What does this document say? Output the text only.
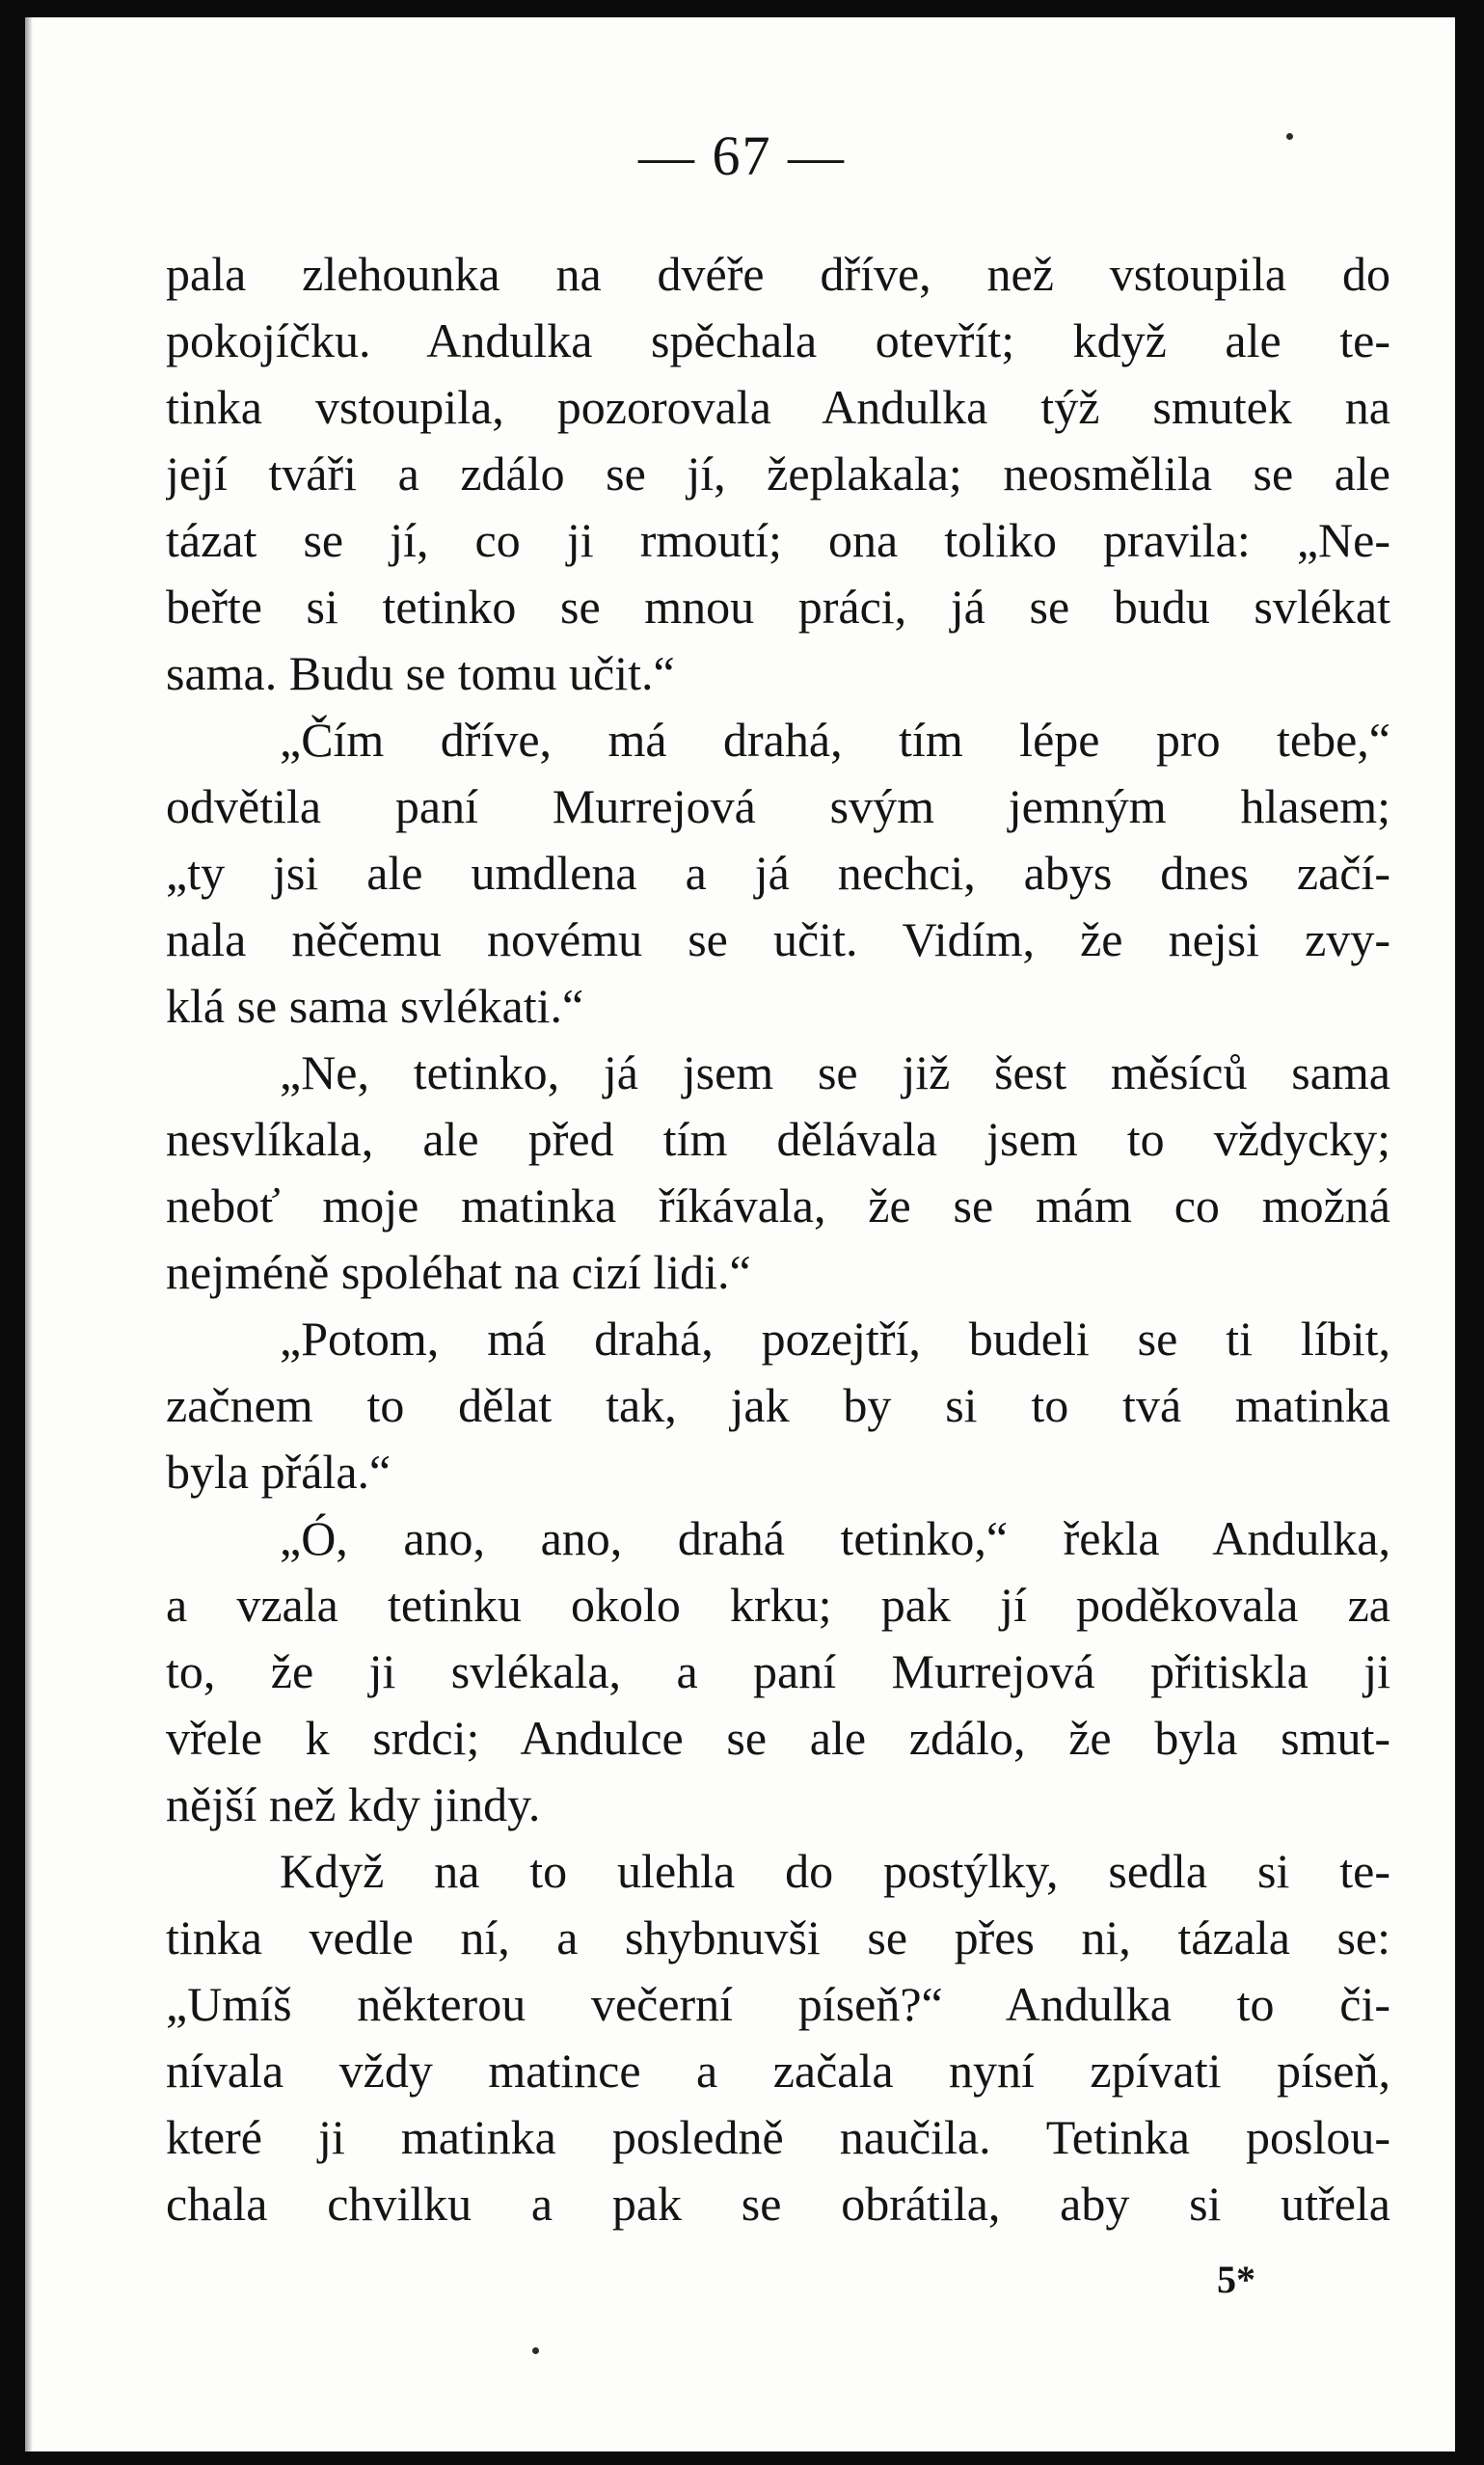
— 67 —
pala zlehounka na dvéře dříve, než vstoupila do
pokojíčku. Andulka spěchala otevřít; když ale te-
tinka vstoupila, pozorovala Andulka týž smutek na
její tváři a zdálo se jí, žeplakala; neosmělila se ale
tázat se jí, co ji rmoutí; ona toliko pravila: „Ne-
beřte si tetinko se mnou práci, já se budu svlékat
sama. Budu se tomu učit.“
„Čím dříve, má drahá, tím lépe pro tebe,“
odvětila paní Murrejová svým jemným hlasem;
„ty jsi ale umdlena a já nechci, abys dnes začí-
nala něčemu novému se učit. Vidím, že nejsi zvy-
klá se sama svlékati.“
„Ne, tetinko, já jsem se již šest měsíců sama
nesvlíkala, ale před tím dělávala jsem to vždycky;
neboť moje matinka říkávala, že se mám co možná
nejméně spoléhat na cizí lidi.“
„Potom, má drahá, pozejtří, budeli se ti líbit,
začnem to dělat tak, jak by si to tvá matinka
byla přála.“
„Ó, ano, ano, drahá tetinko,“ řekla Andulka,
a vzala tetinku okolo krku; pak jí poděkovala za
to, že ji svlékala, a paní Murrejová přitiskla ji
vřele k srdci; Andulce se ale zdálo, že byla smut-
nější než kdy jindy.
Když na to ulehla do postýlky, sedla si te-
tinka vedle ní, a shybnuvši se přes ni, tázala se:
„Umíš některou večerní píseň?“ Andulka to či-
nívala vždy matince a začala nyní zpívati píseň,
které ji matinka posledně naučila. Tetinka poslou-
chala chvilku a pak se obrátila, aby si utřela
5*
